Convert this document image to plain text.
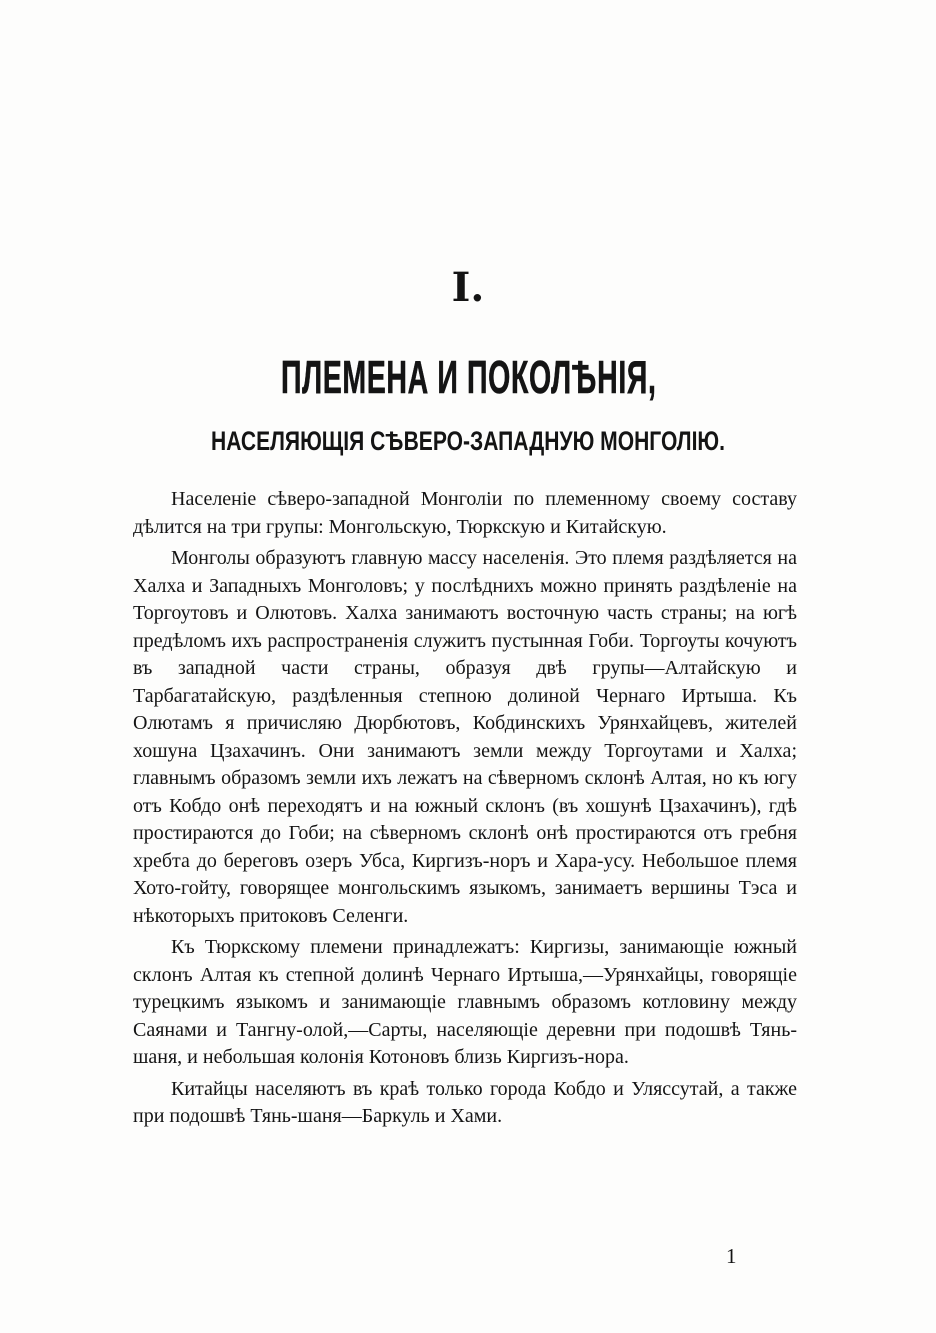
I.
ПЛЕМЕНА И ПОКОЛѢНІЯ,
НАСЕЛЯЮЩІЯ СѢВЕРО-ЗАПАДНУЮ МОНГОЛІЮ.

Населеніе сѣверо-западной Монголіи по племенному своему составу дѣлится на три групы: Монгольскую, Тюркскую и Китайскую.

Монголы образуютъ главную массу населенія. Это племя раздѣляется на Халха и Западныхъ Монголовъ; у послѣднихъ можно принять раздѣленіе на Торгоутовъ и Олютовъ. Халха занимаютъ восточную часть страны; на югѣ предѣломъ ихъ распространенія служитъ пустынная Гоби. Торгоуты кочуютъ въ западной части страны, образуя двѣ групы—Алтайскую и Тарбагатайскую, раздѣленныя степною долиной Чернаго Иртыша. Къ Олютамъ я причисляю Дюрбютовъ, Кобдинскихъ Урянхайцевъ, жителей хошуна Цзахачинъ. Они занимаютъ земли между Торгоутами и Халха; главнымъ образомъ земли ихъ лежатъ на сѣверномъ склонѣ Алтая, но къ югу отъ Кобдо онѣ переходятъ и на южный склонъ (въ хошунѣ Цзахачинъ), гдѣ простираются до Гоби; на сѣверномъ склонѣ онѣ простираются отъ гребня хребта до береговъ озеръ Убса, Киргизъ-норъ и Хара-усу. Небольшое племя Хото-гойту, говорящее монгольскимъ языкомъ, занимаетъ вершины Тэса и нѣкоторыхъ притоковъ Селенги.

Къ Тюркскому племени принадлежатъ: Киргизы, занимающіе южный склонъ Алтая къ степной долинѣ Чернаго Иртыша,—Урянхайцы, говорящіе турецкимъ языкомъ и занимающіе главнымъ образомъ котловину между Саянами и Тангну-олой,—Сарты, населяющіе деревни при подошвѣ Тянь-шаня, и небольшая колонія Котоновъ близь Киргизъ-нора.

Китайцы населяютъ въ краѣ только города Кобдо и Уляссутай, а также при подошвѣ Тянь-шаня—Баркуль и Хами.

1
